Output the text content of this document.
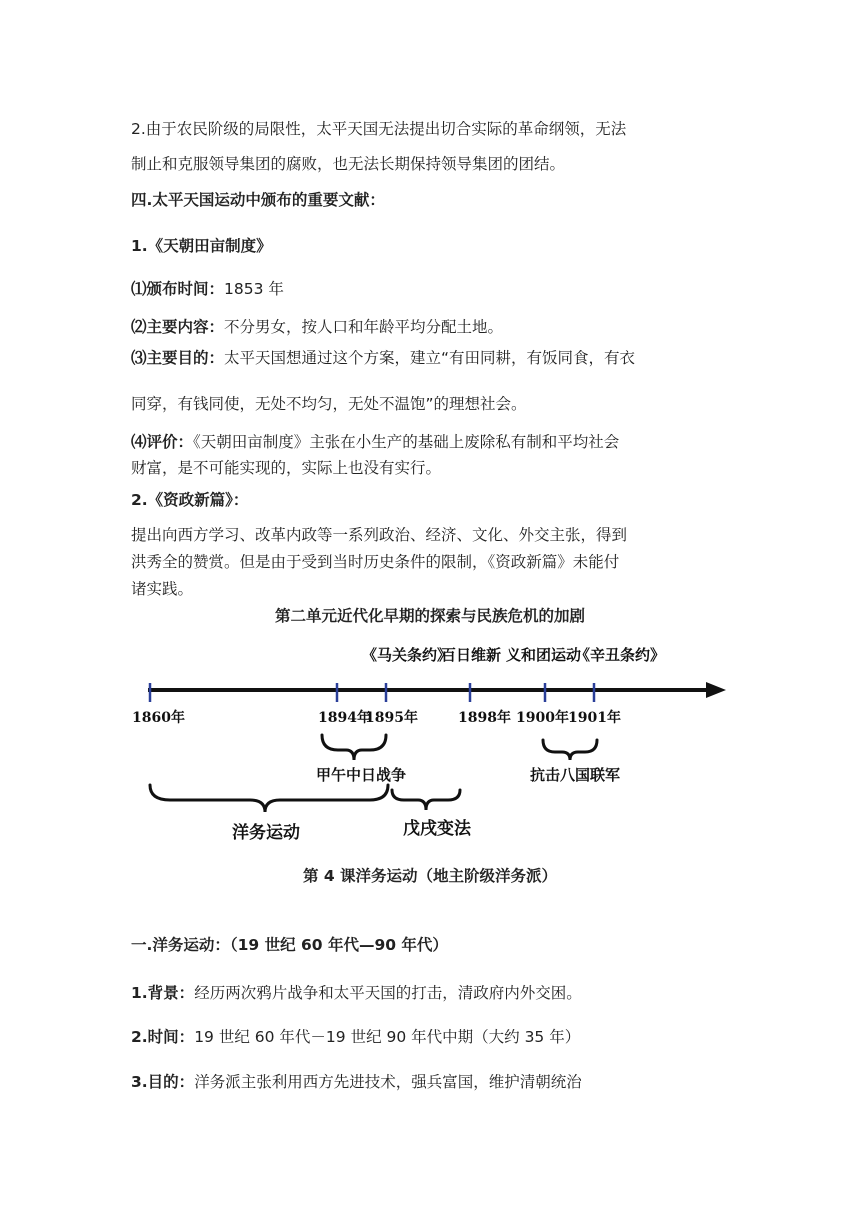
2.由于农民阶级的局限性，太平天国无法提出切合实际的革命纲领，无法
制止和克服领导集团的腐败，也无法长期保持领导集团的团结。
四.太平天国运动中颁布的重要文献：
1.《天朝田亩制度》
⑴颁布时间：1853 年
⑵主要内容：不分男女，按人口和年龄平均分配土地。
⑶主要目的：太平天国想通过这个方案，建立“有田同耕，有饭同食，有衣
同穿，有钱同使，无处不均匀，无处不温饱”的理想社会。
⑷评价：《天朝田亩制度》主张在小生产的基础上废除私有制和平均社会
财富，是不可能实现的，实际上也没有实行。
2.《资政新篇》：
提出向西方学习、改革内政等一系列政治、经济、文化、外交主张，得到
洪秀全的赞赏。但是由于受到当时历史条件的限制，《资政新篇》未能付
诸实践。
第二单元近代化早期的探索与民族危机的加剧
《马关条约》
百日维新 义和团运动
《辛丑条约》
1860年	1894年
1895年	1898年 1900年 1901年
甲午中日战争	抗击八国联军
洋务运动	戊戌变法
第 4 课洋务运动（地主阶级洋务派）
一.洋务运动：（19 世纪 60 年代—90 年代）
1.背景：经历两次鸦片战争和太平天国的打击，清政府内外交困。
2.时间：19 世纪 60 年代－19 世纪 90 年代中期（大约 35 年）
3.目的：洋务派主张利用西方先进技术，强兵富国，维护清朝统治
